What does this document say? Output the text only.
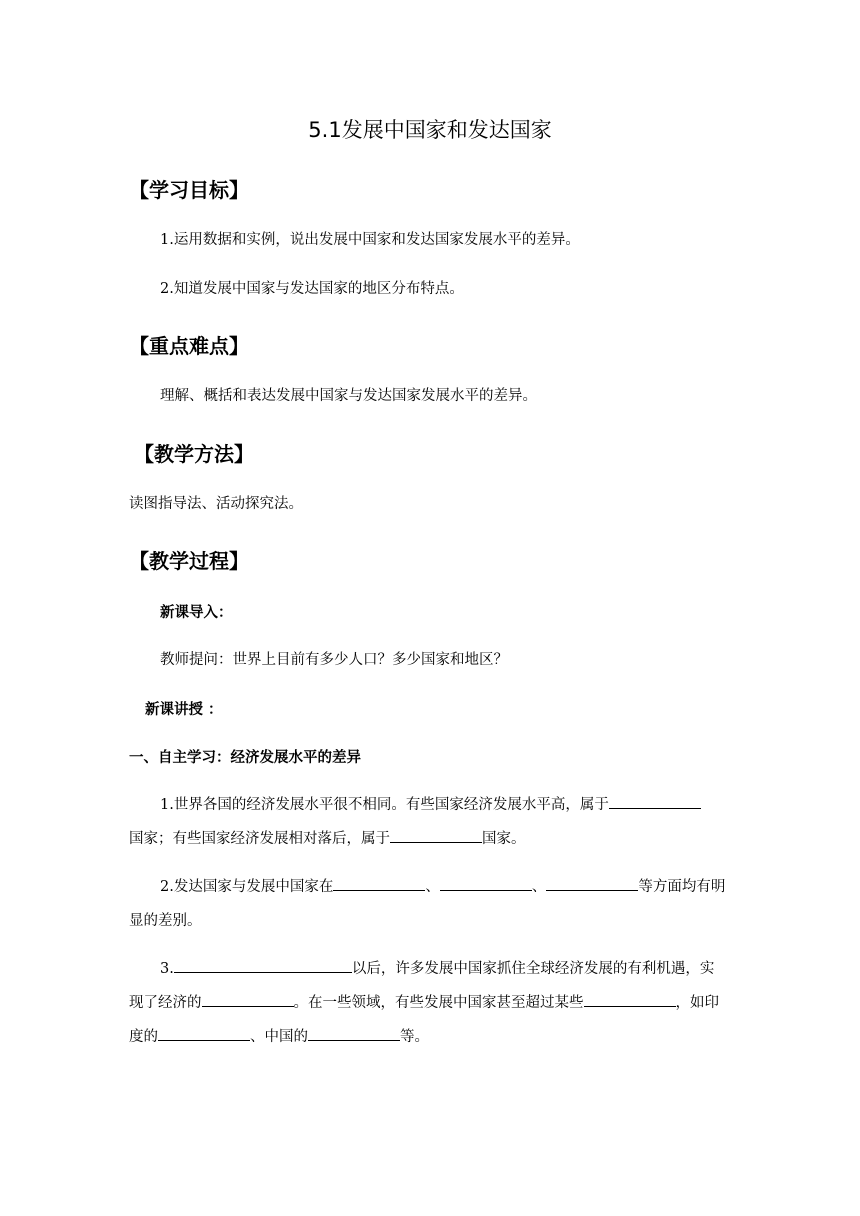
5.1发展中国家和发达国家
【学习目标】
1.运用数据和实例，说出发展中国家和发达国家发展水平的差异。
2.知道发展中国家与发达国家的地区分布特点。
【重点难点】
理解、概括和表达发展中国家与发达国家发展水平的差异。
【教学方法】
读图指导法、活动探究法。
【教学过程】
新课导入：
教师提问：世界上目前有多少人口？多少国家和地区？
新课讲授 ：
一、自主学习：经济发展水平的差异
1.世界各国的经济发展水平很不相同。有些国家经济发展水平高，属于
国家；有些国家经济发展相对落后，属于	国家。
2.发达国家与发展中国家在	、	、	等方面均有明
显的差别。
3.	以后，许多发展中国家抓住全球经济发展的有利机遇，实
现了经济的	。在一些领域，有些发展中国家甚至超过某些	，如印
度的	、中国的	等。
